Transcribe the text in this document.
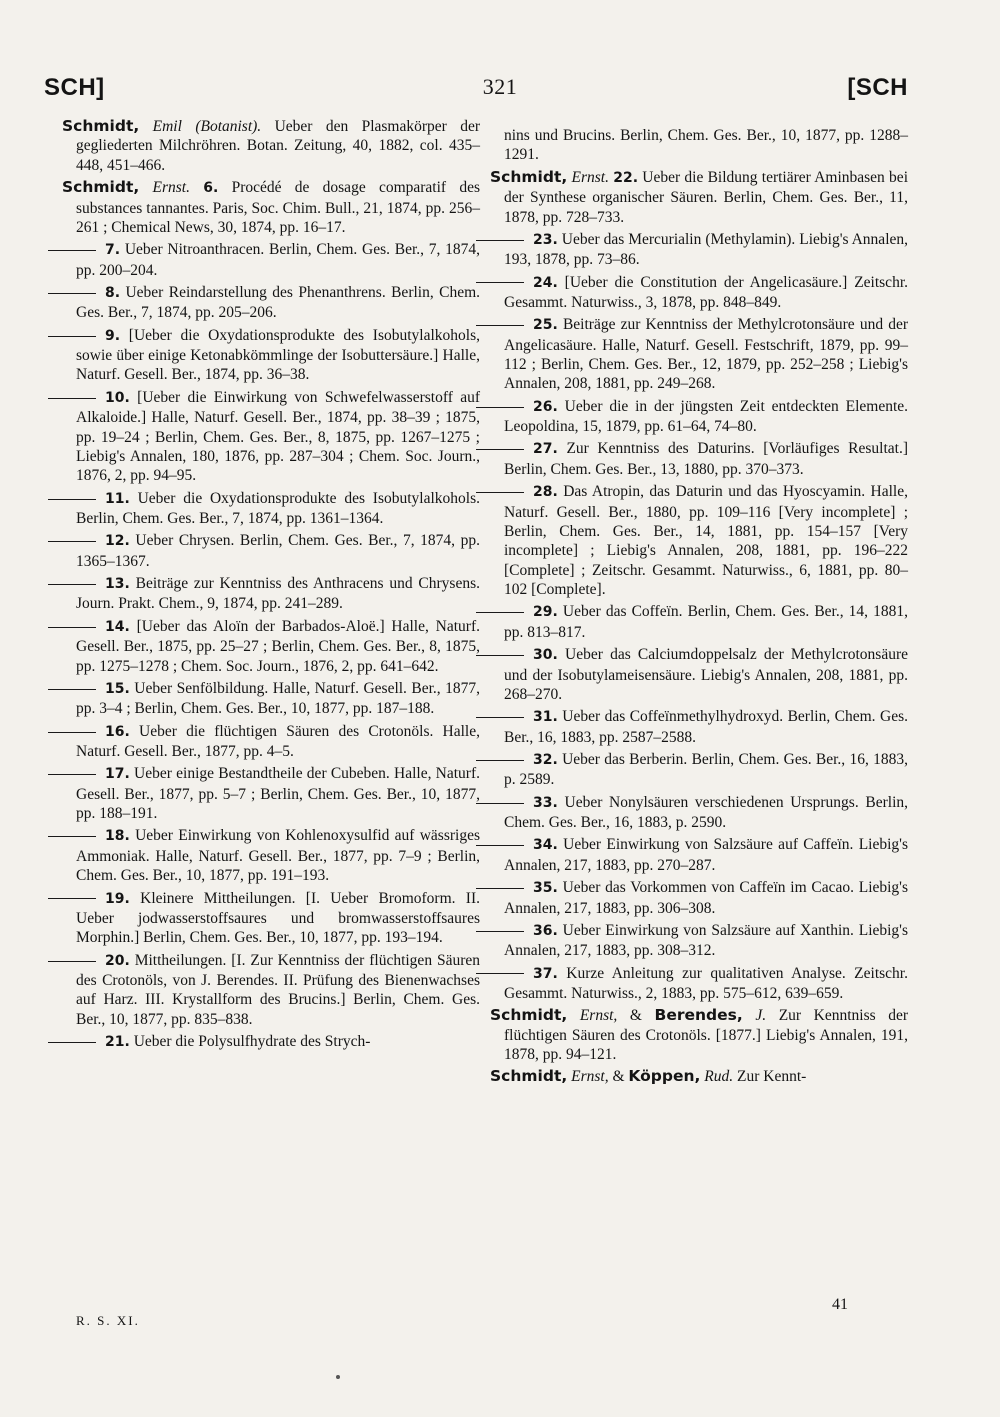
SCH]	321	[SCH

Schmidt, Emil (Botanist). Ueber den Plasmakörper der gegliederten Milchröhren. Botan. Zeitung, 40, 1882, col. 435–448, 451–466.

Schmidt, Ernst. 6. Procédé de dosage comparatif des substances tannantes. Paris, Soc. Chim. Bull., 21, 1874, pp. 256–261 ; Chemical News, 30, 1874, pp. 16–17.

7. Ueber Nitroanthracen. Berlin, Chem. Ges. Ber., 7, 1874, pp. 200–204.

8. Ueber Reindarstellung des Phenanthrens. Berlin, Chem. Ges. Ber., 7, 1874, pp. 205–206.

9. [Ueber die Oxydationsprodukte des Isobutylalkohols, sowie über einige Ketonabkömmlinge der Isobuttersäure.] Halle, Naturf. Gesell. Ber., 1874, pp. 36–38.

10. [Ueber die Einwirkung von Schwefelwasserstoff auf Alkaloide.] Halle, Naturf. Gesell. Ber., 1874, pp. 38–39 ; 1875, pp. 19–24 ; Berlin, Chem. Ges. Ber., 8, 1875, pp. 1267–1275 ; Liebig's Annalen, 180, 1876, pp. 287–304 ; Chem. Soc. Journ., 1876, 2, pp. 94–95.

11. Ueber die Oxydationsprodukte des Isobutylalkohols. Berlin, Chem. Ges. Ber., 7, 1874, pp. 1361–1364.

12. Ueber Chrysen. Berlin, Chem. Ges. Ber., 7, 1874, pp. 1365–1367.

13. Beiträge zur Kenntniss des Anthracens und Chrysens. Journ. Prakt. Chem., 9, 1874, pp. 241–289.

14. [Ueber das Aloïn der Barbados-Aloë.] Halle, Naturf. Gesell. Ber., 1875, pp. 25–27 ; Berlin, Chem. Ges. Ber., 8, 1875, pp. 1275–1278 ; Chem. Soc. Journ., 1876, 2, pp. 641–642.

15. Ueber Senfölbildung. Halle, Naturf. Gesell. Ber., 1877, pp. 3–4 ; Berlin, Chem. Ges. Ber., 10, 1877, pp. 187–188.

16. Ueber die flüchtigen Säuren des Crotonöls. Halle, Naturf. Gesell. Ber., 1877, pp. 4–5.

17. Ueber einige Bestandtheile der Cubeben. Halle, Naturf. Gesell. Ber., 1877, pp. 5–7 ; Berlin, Chem. Ges. Ber., 10, 1877, pp. 188–191.

18. Ueber Einwirkung von Kohlenoxysulfid auf wässriges Ammoniak. Halle, Naturf. Gesell. Ber., 1877, pp. 7–9 ; Berlin, Chem. Ges. Ber., 10, 1877, pp. 191–193.

19. Kleinere Mittheilungen. [I. Ueber Bromoform. II. Ueber jodwasserstoffsaures und bromwasserstoffsaures Morphin.] Berlin, Chem. Ges. Ber., 10, 1877, pp. 193–194.

20. Mittheilungen. [I. Zur Kenntniss der flüchtigen Säuren des Crotonöls, von J. Berendes. II. Prüfung des Bienenwachses auf Harz. III. Krystallform des Brucins.] Berlin, Chem. Ges. Ber., 10, 1877, pp. 835–838.

21. Ueber die Polysulfhydrate des Strych-

nins und Brucins. Berlin, Chem. Ges. Ber., 10, 1877, pp. 1288–1291.

Schmidt, Ernst. 22. Ueber die Bildung tertiärer Aminbasen bei der Synthese organischer Säuren. Berlin, Chem. Ges. Ber., 11, 1878, pp. 728–733.

23. Ueber das Mercurialin (Methylamin). Liebig's Annalen, 193, 1878, pp. 73–86.

24. [Ueber die Constitution der Angelicasäure.] Zeitschr. Gesammt. Naturwiss., 3, 1878, pp. 848–849.

25. Beiträge zur Kenntniss der Methylcrotonsäure und der Angelicasäure. Halle, Naturf. Gesell. Festschrift, 1879, pp. 99–112 ; Berlin, Chem. Ges. Ber., 12, 1879, pp. 252–258 ; Liebig's Annalen, 208, 1881, pp. 249–268.

26. Ueber die in der jüngsten Zeit entdeckten Elemente. Leopoldina, 15, 1879, pp. 61–64, 74–80.

27. Zur Kenntniss des Daturins. [Vorläufiges Resultat.] Berlin, Chem. Ges. Ber., 13, 1880, pp. 370–373.

28. Das Atropin, das Daturin und das Hyoscyamin. Halle, Naturf. Gesell. Ber., 1880, pp. 109–116 [Very incomplete] ; Berlin, Chem. Ges. Ber., 14, 1881, pp. 154–157 [Very incomplete] ; Liebig's Annalen, 208, 1881, pp. 196–222 [Complete] ; Zeitschr. Gesammt. Naturwiss., 6, 1881, pp. 80–102 [Complete].

29. Ueber das Coffeïn. Berlin, Chem. Ges. Ber., 14, 1881, pp. 813–817.

30. Ueber das Calciumdoppelsalz der Methylcrotonsäure und der Isobutylameisensäure. Liebig's Annalen, 208, 1881, pp. 268–270.

31. Ueber das Coffeïnmethylhydroxyd. Berlin, Chem. Ges. Ber., 16, 1883, pp. 2587–2588.

32. Ueber das Berberin. Berlin, Chem. Ges. Ber., 16, 1883, p. 2589.

33. Ueber Nonylsäuren verschiedenen Ursprungs. Berlin, Chem. Ges. Ber., 16, 1883, p. 2590.

34. Ueber Einwirkung von Salzsäure auf Caffeïn. Liebig's Annalen, 217, 1883, pp. 270–287.

35. Ueber das Vorkommen von Caffeïn im Cacao. Liebig's Annalen, 217, 1883, pp. 306–308.

36. Ueber Einwirkung von Salzsäure auf Xanthin. Liebig's Annalen, 217, 1883, pp. 308–312.

37. Kurze Anleitung zur qualitativen Analyse. Zeitschr. Gesammt. Naturwiss., 2, 1883, pp. 575–612, 639–659.

Schmidt, Ernst, & Berendes, J. Zur Kenntniss der flüchtigen Säuren des Crotonöls. [1877.] Liebig's Annalen, 191, 1878, pp. 94–121.

Schmidt, Ernst, & Köppen, Rud. Zur Kennt-

R. S. XI.
41
